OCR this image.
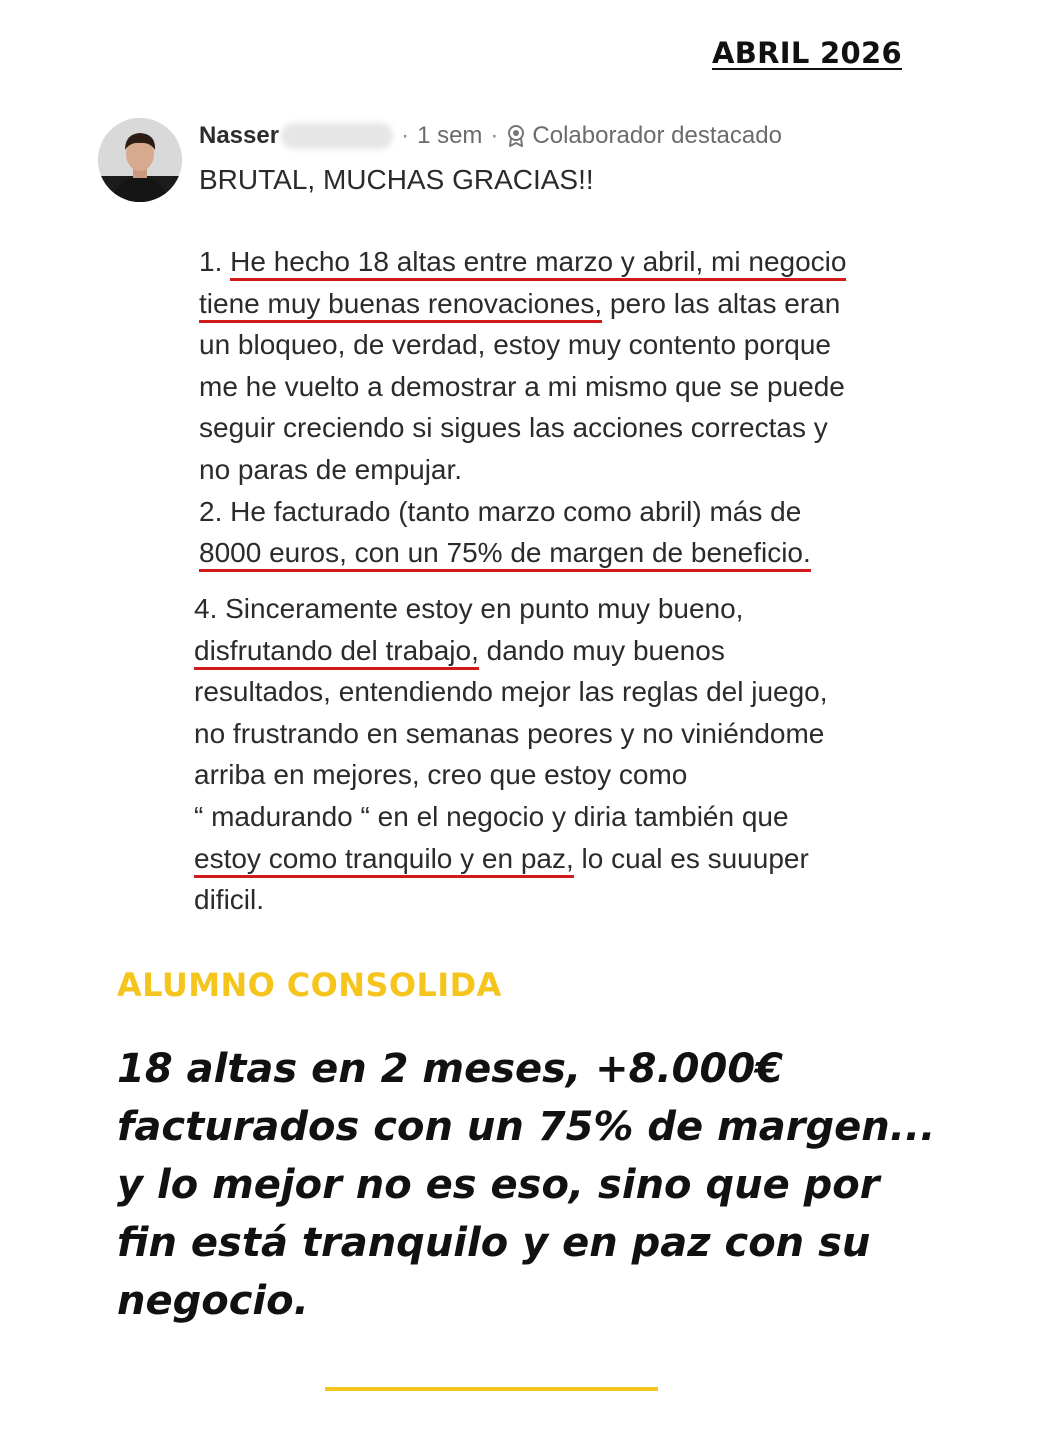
ABRIL 2026
Nasser	· 1 sem · Colaborador destacado
BRUTAL, MUCHAS GRACIAS!!
1. He hecho 18 altas entre marzo y abril, mi negocio
tiene muy buenas renovaciones, pero las altas eran
un bloqueo, de verdad, estoy muy contento porque
me he vuelto a demostrar a mi mismo que se puede
seguir creciendo si sigues las acciones correctas y
no paras de empujar.
2. He facturado (tanto marzo como abril) más de
8000 euros, con un 75% de margen de beneficio.
4. Sinceramente estoy en punto muy bueno,
disfrutando del trabajo, dando muy buenos
resultados, entendiendo mejor las reglas del juego,
no frustrando en semanas peores y no viniéndome
arriba en mejores, creo que estoy como
“ madurando “ en el negocio y diria también que
estoy como tranquilo y en paz, lo cual es suuuper
dificil.
ALUMNO CONSOLIDA
18 altas en 2 meses, +8.000€
facturados con un 75% de margen...
y lo mejor no es eso, sino que por
fin está tranquilo y en paz con su
negocio.
